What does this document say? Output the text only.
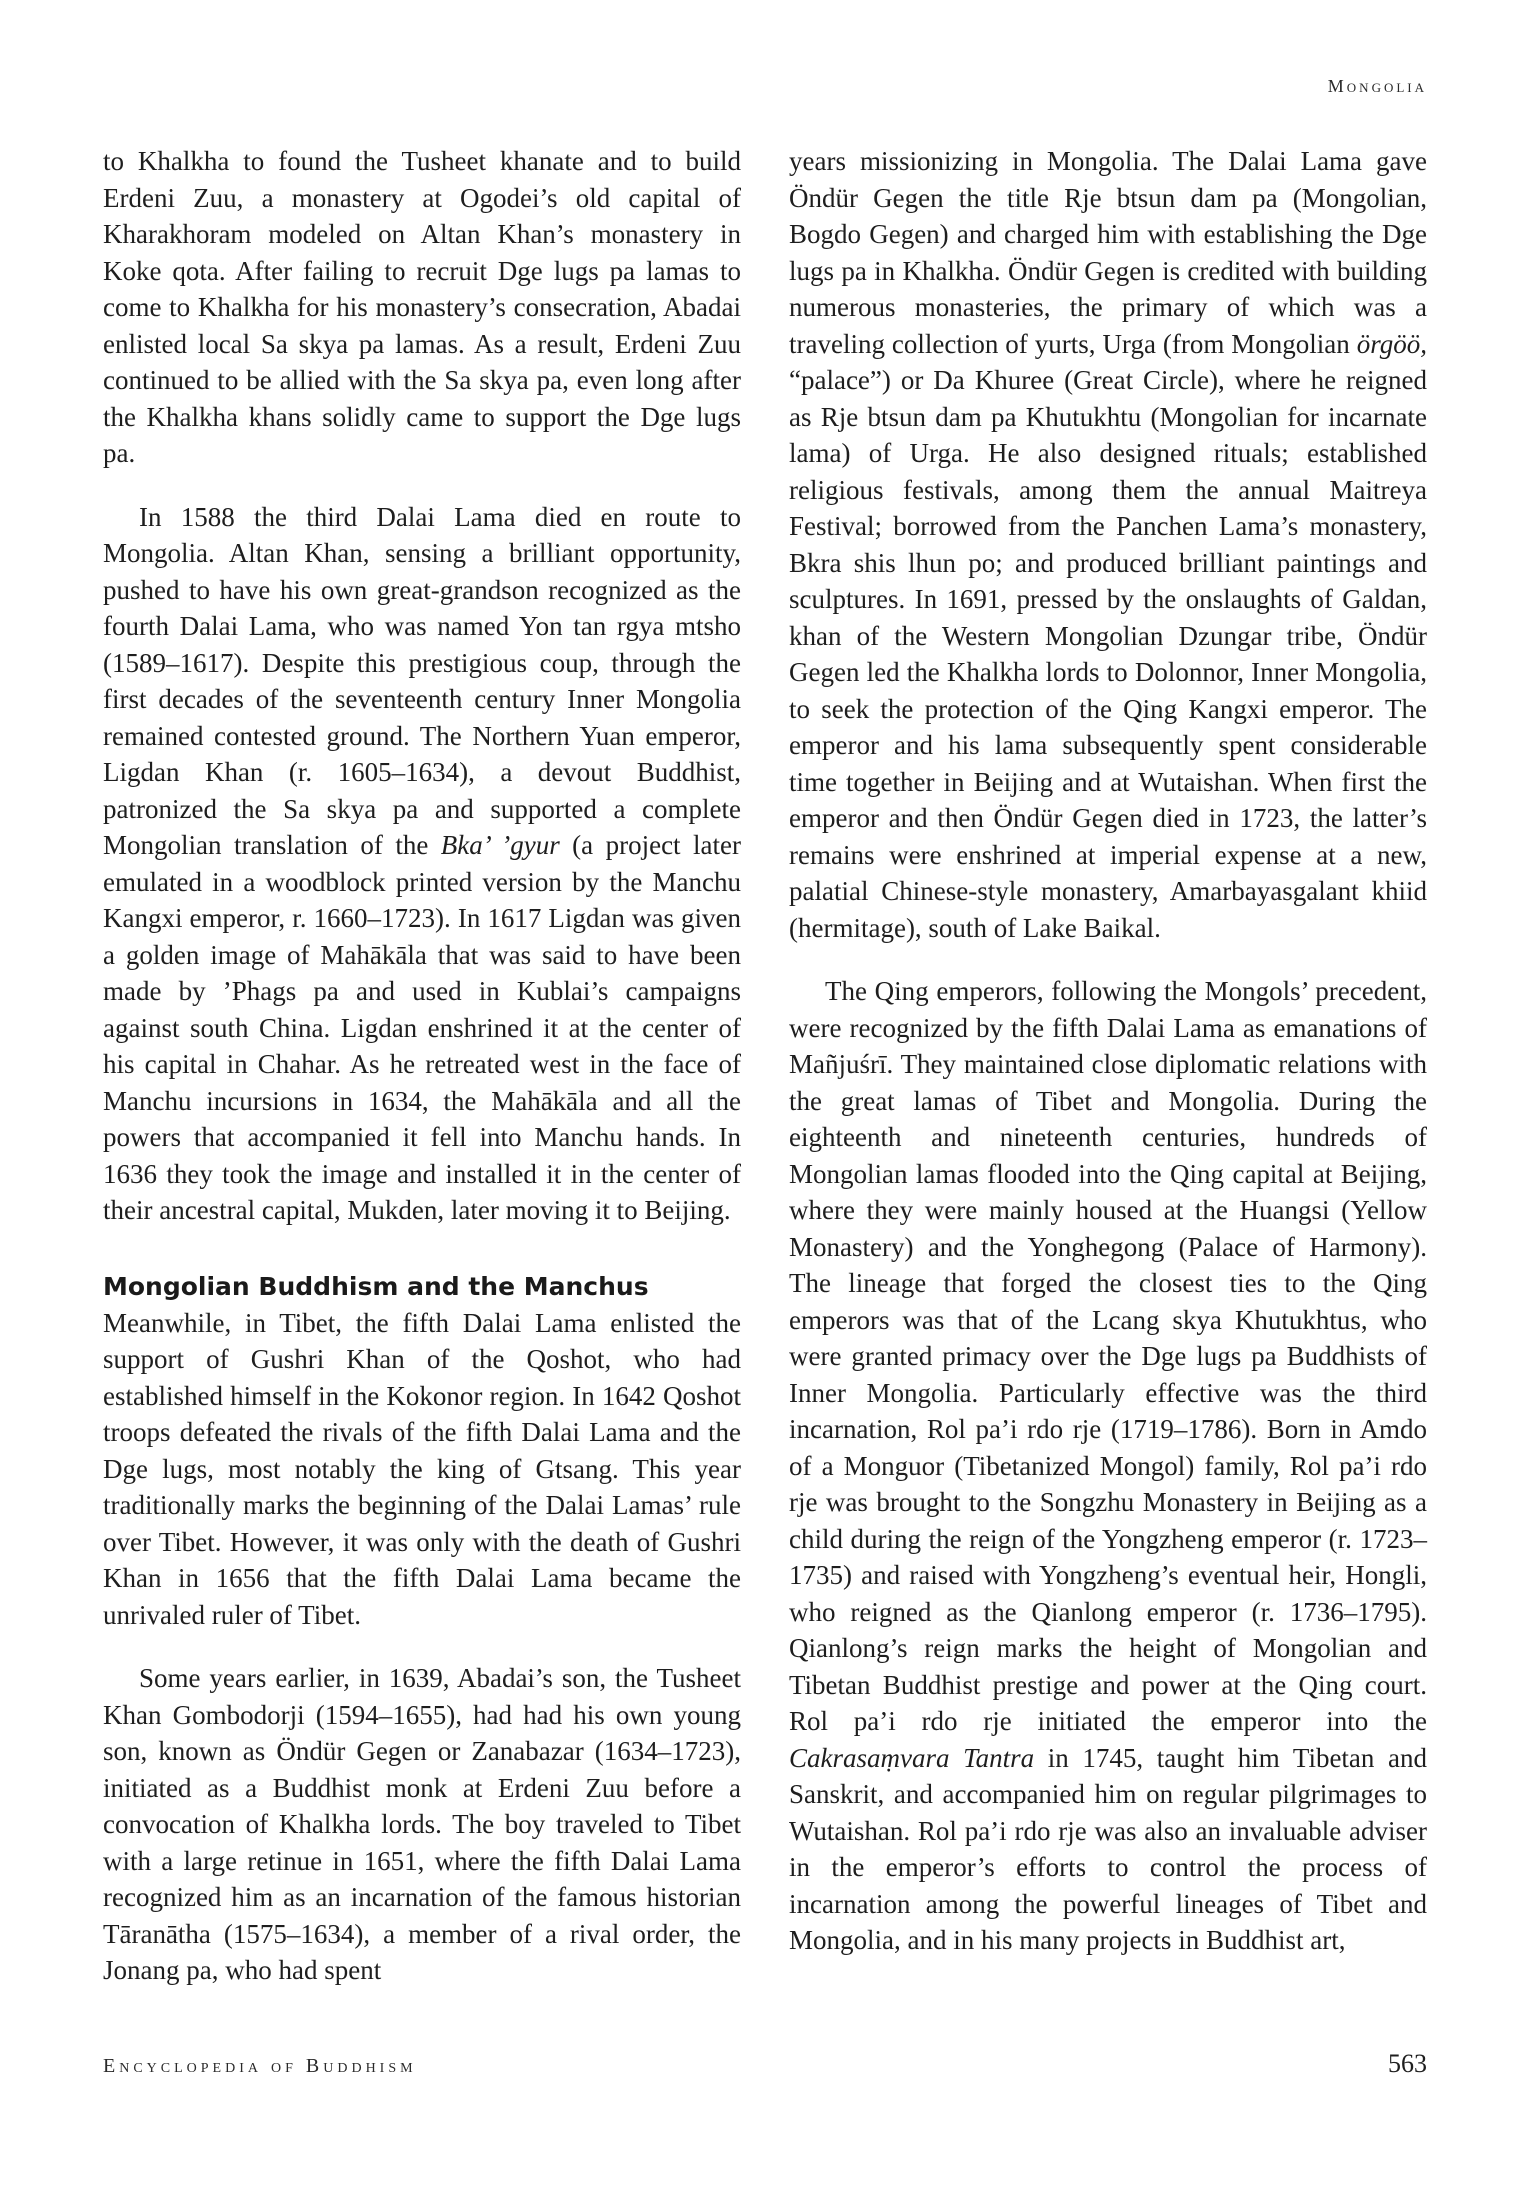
Mongolia

to Khalkha to found the Tusheet khanate and to build Erdeni Zuu, a monastery at Ogodei’s old capital of Kharakhoram modeled on Altan Khan’s monastery in Koke qota. After failing to recruit Dge lugs pa lamas to come to Khalkha for his monastery’s consecration, Abadai enlisted local Sa skya pa lamas. As a result, Erdeni Zuu continued to be allied with the Sa skya pa, even long after the Khalkha khans solidly came to support the Dge lugs pa.

In 1588 the third Dalai Lama died en route to Mongolia. Altan Khan, sensing a brilliant opportunity, pushed to have his own great-grandson recognized as the fourth Dalai Lama, who was named Yon tan rgya mtsho (1589–1617). Despite this prestigious coup, through the first decades of the seventeenth century Inner Mongolia remained contested ground. The Northern Yuan emperor, Ligdan Khan (r. 1605–1634), a devout Buddhist, patronized the Sa skya pa and supported a complete Mongolian translation of the Bka’ ’gyur (a project later emulated in a woodblock printed version by the Manchu Kangxi emperor, r. 1660–1723). In 1617 Ligdan was given a golden image of Mahākāla that was said to have been made by ’Phags pa and used in Kublai’s campaigns against south China. Ligdan enshrined it at the center of his capital in Chahar. As he retreated west in the face of Manchu incursions in 1634, the Mahākāla and all the powers that accompanied it fell into Manchu hands. In 1636 they took the image and installed it in the center of their ancestral capital, Mukden, later moving it to Beijing.

Mongolian Buddhism and the Manchus

Meanwhile, in Tibet, the fifth Dalai Lama enlisted the support of Gushri Khan of the Qoshot, who had established himself in the Kokonor region. In 1642 Qoshot troops defeated the rivals of the fifth Dalai Lama and the Dge lugs, most notably the king of Gtsang. This year traditionally marks the beginning of the Dalai Lamas’ rule over Tibet. However, it was only with the death of Gushri Khan in 1656 that the fifth Dalai Lama became the unrivaled ruler of Tibet.

Some years earlier, in 1639, Abadai’s son, the Tusheet Khan Gombodorji (1594–1655), had had his own young son, known as Öndür Gegen or Zanabazar (1634–1723), initiated as a Buddhist monk at Erdeni Zuu before a convocation of Khalkha lords. The boy traveled to Tibet with a large retinue in 1651, where the fifth Dalai Lama recognized him as an incarnation of the famous historian Tāranātha (1575–1634), a member of a rival order, the Jonang pa, who had spent

years missionizing in Mongolia. The Dalai Lama gave Öndür Gegen the title Rje btsun dam pa (Mongolian, Bogdo Gegen) and charged him with establishing the Dge lugs pa in Khalkha. Öndür Gegen is credited with building numerous monasteries, the primary of which was a traveling collection of yurts, Urga (from Mongolian örgöö, “palace”) or Da Khuree (Great Circle), where he reigned as Rje btsun dam pa Khutukhtu (Mongolian for incarnate lama) of Urga. He also designed rituals; established religious festivals, among them the annual Maitreya Festival; borrowed from the Panchen Lama’s monastery, Bkra shis lhun po; and produced brilliant paintings and sculptures. In 1691, pressed by the onslaughts of Galdan, khan of the Western Mongolian Dzungar tribe, Öndür Gegen led the Khalkha lords to Dolonnor, Inner Mongolia, to seek the protection of the Qing Kangxi emperor. The emperor and his lama subsequently spent considerable time together in Beijing and at Wutaishan. When first the emperor and then Öndür Gegen died in 1723, the latter’s remains were enshrined at imperial expense at a new, palatial Chinese-style monastery, Amarbayasgalant khiid (hermitage), south of Lake Baikal.

The Qing emperors, following the Mongols’ precedent, were recognized by the fifth Dalai Lama as emanations of Mañjuśrī. They maintained close diplomatic relations with the great lamas of Tibet and Mongolia. During the eighteenth and nineteenth centuries, hundreds of Mongolian lamas flooded into the Qing capital at Beijing, where they were mainly housed at the Huangsi (Yellow Monastery) and the Yonghegong (Palace of Harmony). The lineage that forged the closest ties to the Qing emperors was that of the Lcang skya Khutukhtus, who were granted primacy over the Dge lugs pa Buddhists of Inner Mongolia. Particularly effective was the third incarnation, Rol pa’i rdo rje (1719–1786). Born in Amdo of a Monguor (Tibetanized Mongol) family, Rol pa’i rdo rje was brought to the Songzhu Monastery in Beijing as a child during the reign of the Yongzheng emperor (r. 1723–1735) and raised with Yongzheng’s eventual heir, Hongli, who reigned as the Qianlong emperor (r. 1736–1795). Qianlong’s reign marks the height of Mongolian and Tibetan Buddhist prestige and power at the Qing court. Rol pa’i rdo rje initiated the emperor into the Cakrasaṃvara Tantra in 1745, taught him Tibetan and Sanskrit, and accompanied him on regular pilgrimages to Wutaishan. Rol pa’i rdo rje was also an invaluable adviser in the emperor’s efforts to control the process of incarnation among the powerful lineages of Tibet and Mongolia, and in his many projects in Buddhist art,

Encyclopedia of Buddhism	563
